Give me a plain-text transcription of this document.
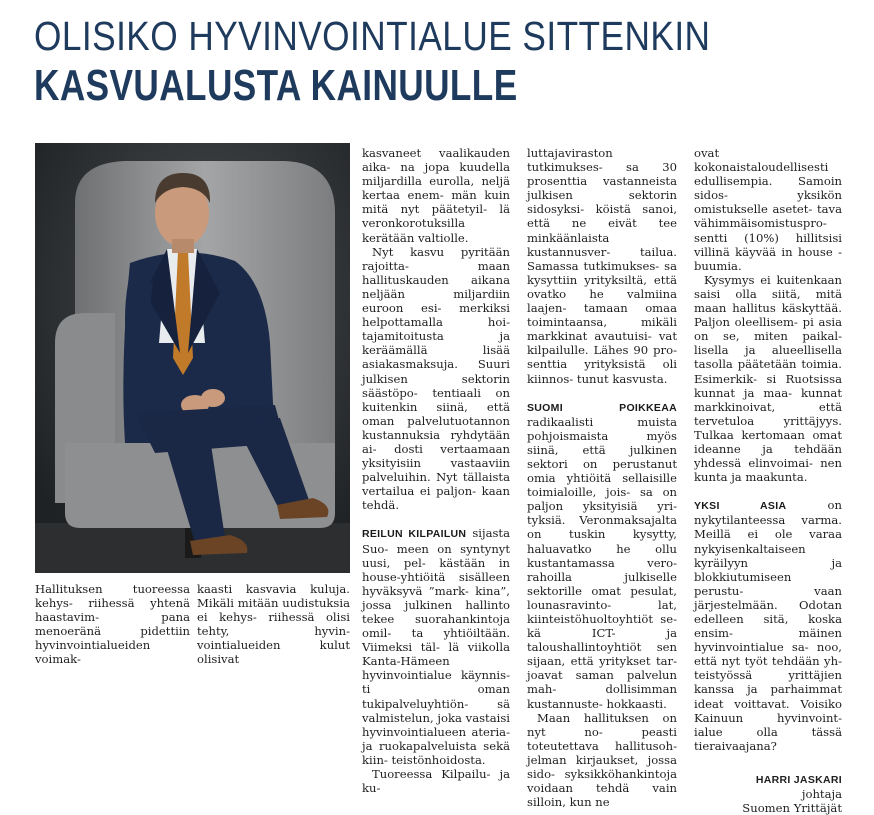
OLISIKO HYVINVOINTIALUE SITTENKIN
KASVUALUSTA KAINUULLE

Hallituksen tuoreessa kehys- riihessä yhtenä haastavim-	pana menoeränä pidettiin hyvinvointialueiden voimak-

kaasti kasvavia kuluja. Mikäli mitään uudistuksia ei kehys- riihessä olisi tehty, hyvin- vointialueiden kulut olisivat

kasvaneet vaalikauden aika- na jopa kuudella miljardilla eurolla, neljä kertaa enem- män kuin mitä nyt päätetyil- lä veronkorotuksilla kerätään valtiolle.

Nyt kasvu pyritään rajoitta-	maan hallituskauden aikana neljään miljardiin euroon esi- merkiksi helpottamalla hoi- tajamitoitusta ja keräämällä	lisää asiakasmaksuja. Suuri julkisen sektorin säästöpo- tentiaali on kuitenkin siinä, että oman palvelutuotannon kustannuksia ryhdytään ai- dosti vertaamaan yksityisiin	vastaaviin palveluihin. Nyt tällaista vertailua ei paljon- kaan tehdä.

REILUN KILPAILUN sijasta Suo- meen on syntynyt uusi, pel- kästään in house-yhtiöitä sisälleen hyväksyvä ”mark- kina”, jossa julkinen hallinto tekee suorahankintoja omil- ta yhtiöiltään. Viimeksi täl- lä viikolla Kanta-Hämeen hyvinvointialue käynnis- ti oman tukipalveluyhtiön- sä valmistelun, joka vastaisi hyvinvointialueen ateria- ja ruokapalveluista sekä kiin- teistönhoidosta.

Tuoreessa Kilpailu- ja ku-

luttajaviraston tutkimukses- sa 30 prosenttia vastanneista julkisen sektorin sidosyksi- köistä sanoi, että ne eivät tee minkäänlaista kustannusver-	tailua. Samassa tutkimukses- sa kysyttiin yrityksiltä, että ovatko he valmiina laajen- tamaan omaa toimintaansa,	mikäli markkinat avautuisi- vat kilpailulle. Lähes 90 pro- senttia yrityksistä oli kiinnos- tunut kasvusta.

SUOMI POIKKEAA radikaalisti	muista pohjoismaista myös siinä, että julkinen sektori on perustanut omia yhtiöitä sellaisille toimialoille, jois- sa on paljon yksityisiä yri- tyksiä. Veronmaksajalta on tuskin kysytty, haluavatko he ollu kustantamassa vero- rahoilla julkiselle sektorille omat pesulat, lounasravinto-	lat, kiinteistöhuoltoyhtiöt se- kä ICT- ja taloushallintoyhtiöt sen sijaan, että yritykset tar- joavat saman palvelun mah-	dollisimman kustannuste- hokkaasti.

Maan hallituksen on nyt no-	peasti toteutettava hallitusoh- jelman kirjaukset, jossa sido- syksikköhankintoja voidaan tehdä vain silloin, kun ne

ovat kokonaistaloudellisesti edullisempia. Samoin sidos-	yksikön omistukselle asetet- tava vähimmäisomistuspro- sentti (10%) hillitsisi villinä käyvää in house -buumia.

Kysymys ei kuitenkaan saisi olla siitä, mitä maan hallitus käskyttää. Paljon oleellisem- pi asia on se, miten paikal- lisella ja alueellisella tasolla päätetään toimia. Esimerkik- si Ruotsissa kunnat ja maa- kunnat markkinoivat, että tervetuloa yrittäjyys. Tulkaa kertomaan omat ideanne ja tehdään yhdessä elinvoimai- nen kunta ja maakunta.

YKSI ASIA	on nykytilanteessa varma. Meillä ei ole varaa nykyisenkaltaiseen kyräilyyn	ja blokkiutumiseen perustu-	vaan järjestelmään. Odotan edelleen sitä, koska ensim-	mäinen hyvinvointialue sa- noo, että nyt työt tehdään yh- teistyössä yrittäjien kanssa ja parhaimmat ideat voittavat. Voisiko Kainuun hyvinvoint- ialue olla tässä tieraivaajana?

HARRI JASKARI
johtaja
Suomen Yrittäjät
